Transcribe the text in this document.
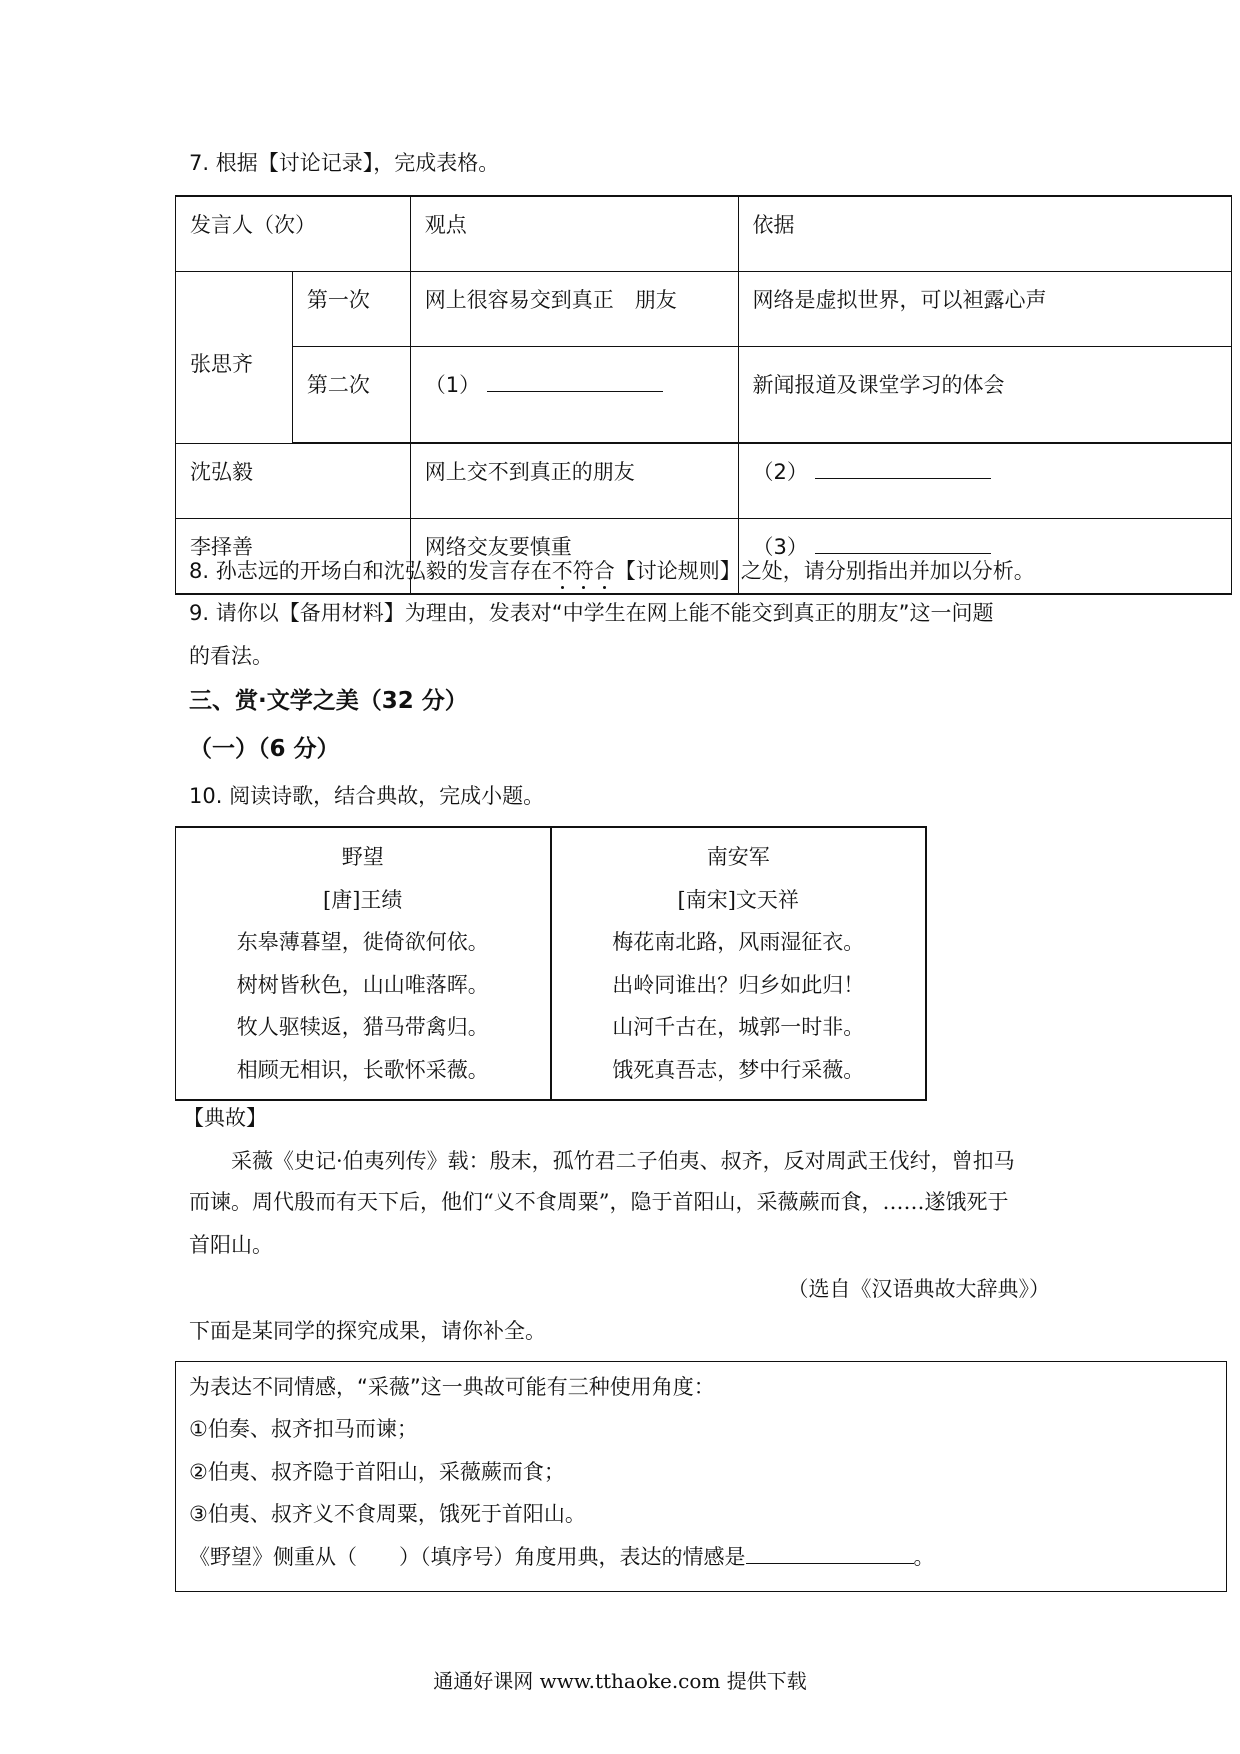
7. 根据【讨论记录】，完成表格。
发言人（次）		观点	依据
张思齐	第一次	网上很容易交到真正　朋友	网络是虚拟世界，可以袒露心声
	第二次	（1）	新闻报道及课堂学习的体会
沈弘毅		网上交不到真正的朋友	（2）
李择善		网络交友要慎重	（3）
8. 孙志远的开场白和沈弘毅的发言存在不符合【讨论规则】之处，请分别指出并加以分析。
9. 请你以【备用材料】为理由，发表对“中学生在网上能不能交到真正的朋友”这一问题
的看法。
三、赏·文学之美（32 分）
（一）（6 分）
10. 阅读诗歌，结合典故，完成小题。
野望
[唐]王绩
东皋薄暮望，徙倚欲何依。
树树皆秋色，山山唯落晖。
牧人驱犊返，猎马带禽归。
相顾无相识，长歌怀采薇。
南安军
[南宋]文天祥
梅花南北路，风雨湿征衣。
出岭同谁出？归乡如此归！
山河千古在，城郭一时非。
饿死真吾志，梦中行采薇。
【典故】
采薇《史记·伯夷列传》载：殷末，孤竹君二子伯夷、叔齐，反对周武王伐纣，曾扣马
而谏。周代殷而有天下后，他们“义不食周粟”，隐于首阳山，采薇蕨而食，……遂饿死于
首阳山。
（选自《汉语典故大辞典》）
下面是某同学的探究成果，请你补全。
为表达不同情感，“采薇”这一典故可能有三种使用角度：
①伯奏、叔齐扣马而谏；
②伯夷、叔齐隐于首阳山，采薇蕨而食；
③伯夷、叔齐义不食周粟，饿死于首阳山。
《野望》侧重从（　　）（填序号）角度用典，表达的情感是	。
通通好课网 www.tthaoke.com 提供下载
